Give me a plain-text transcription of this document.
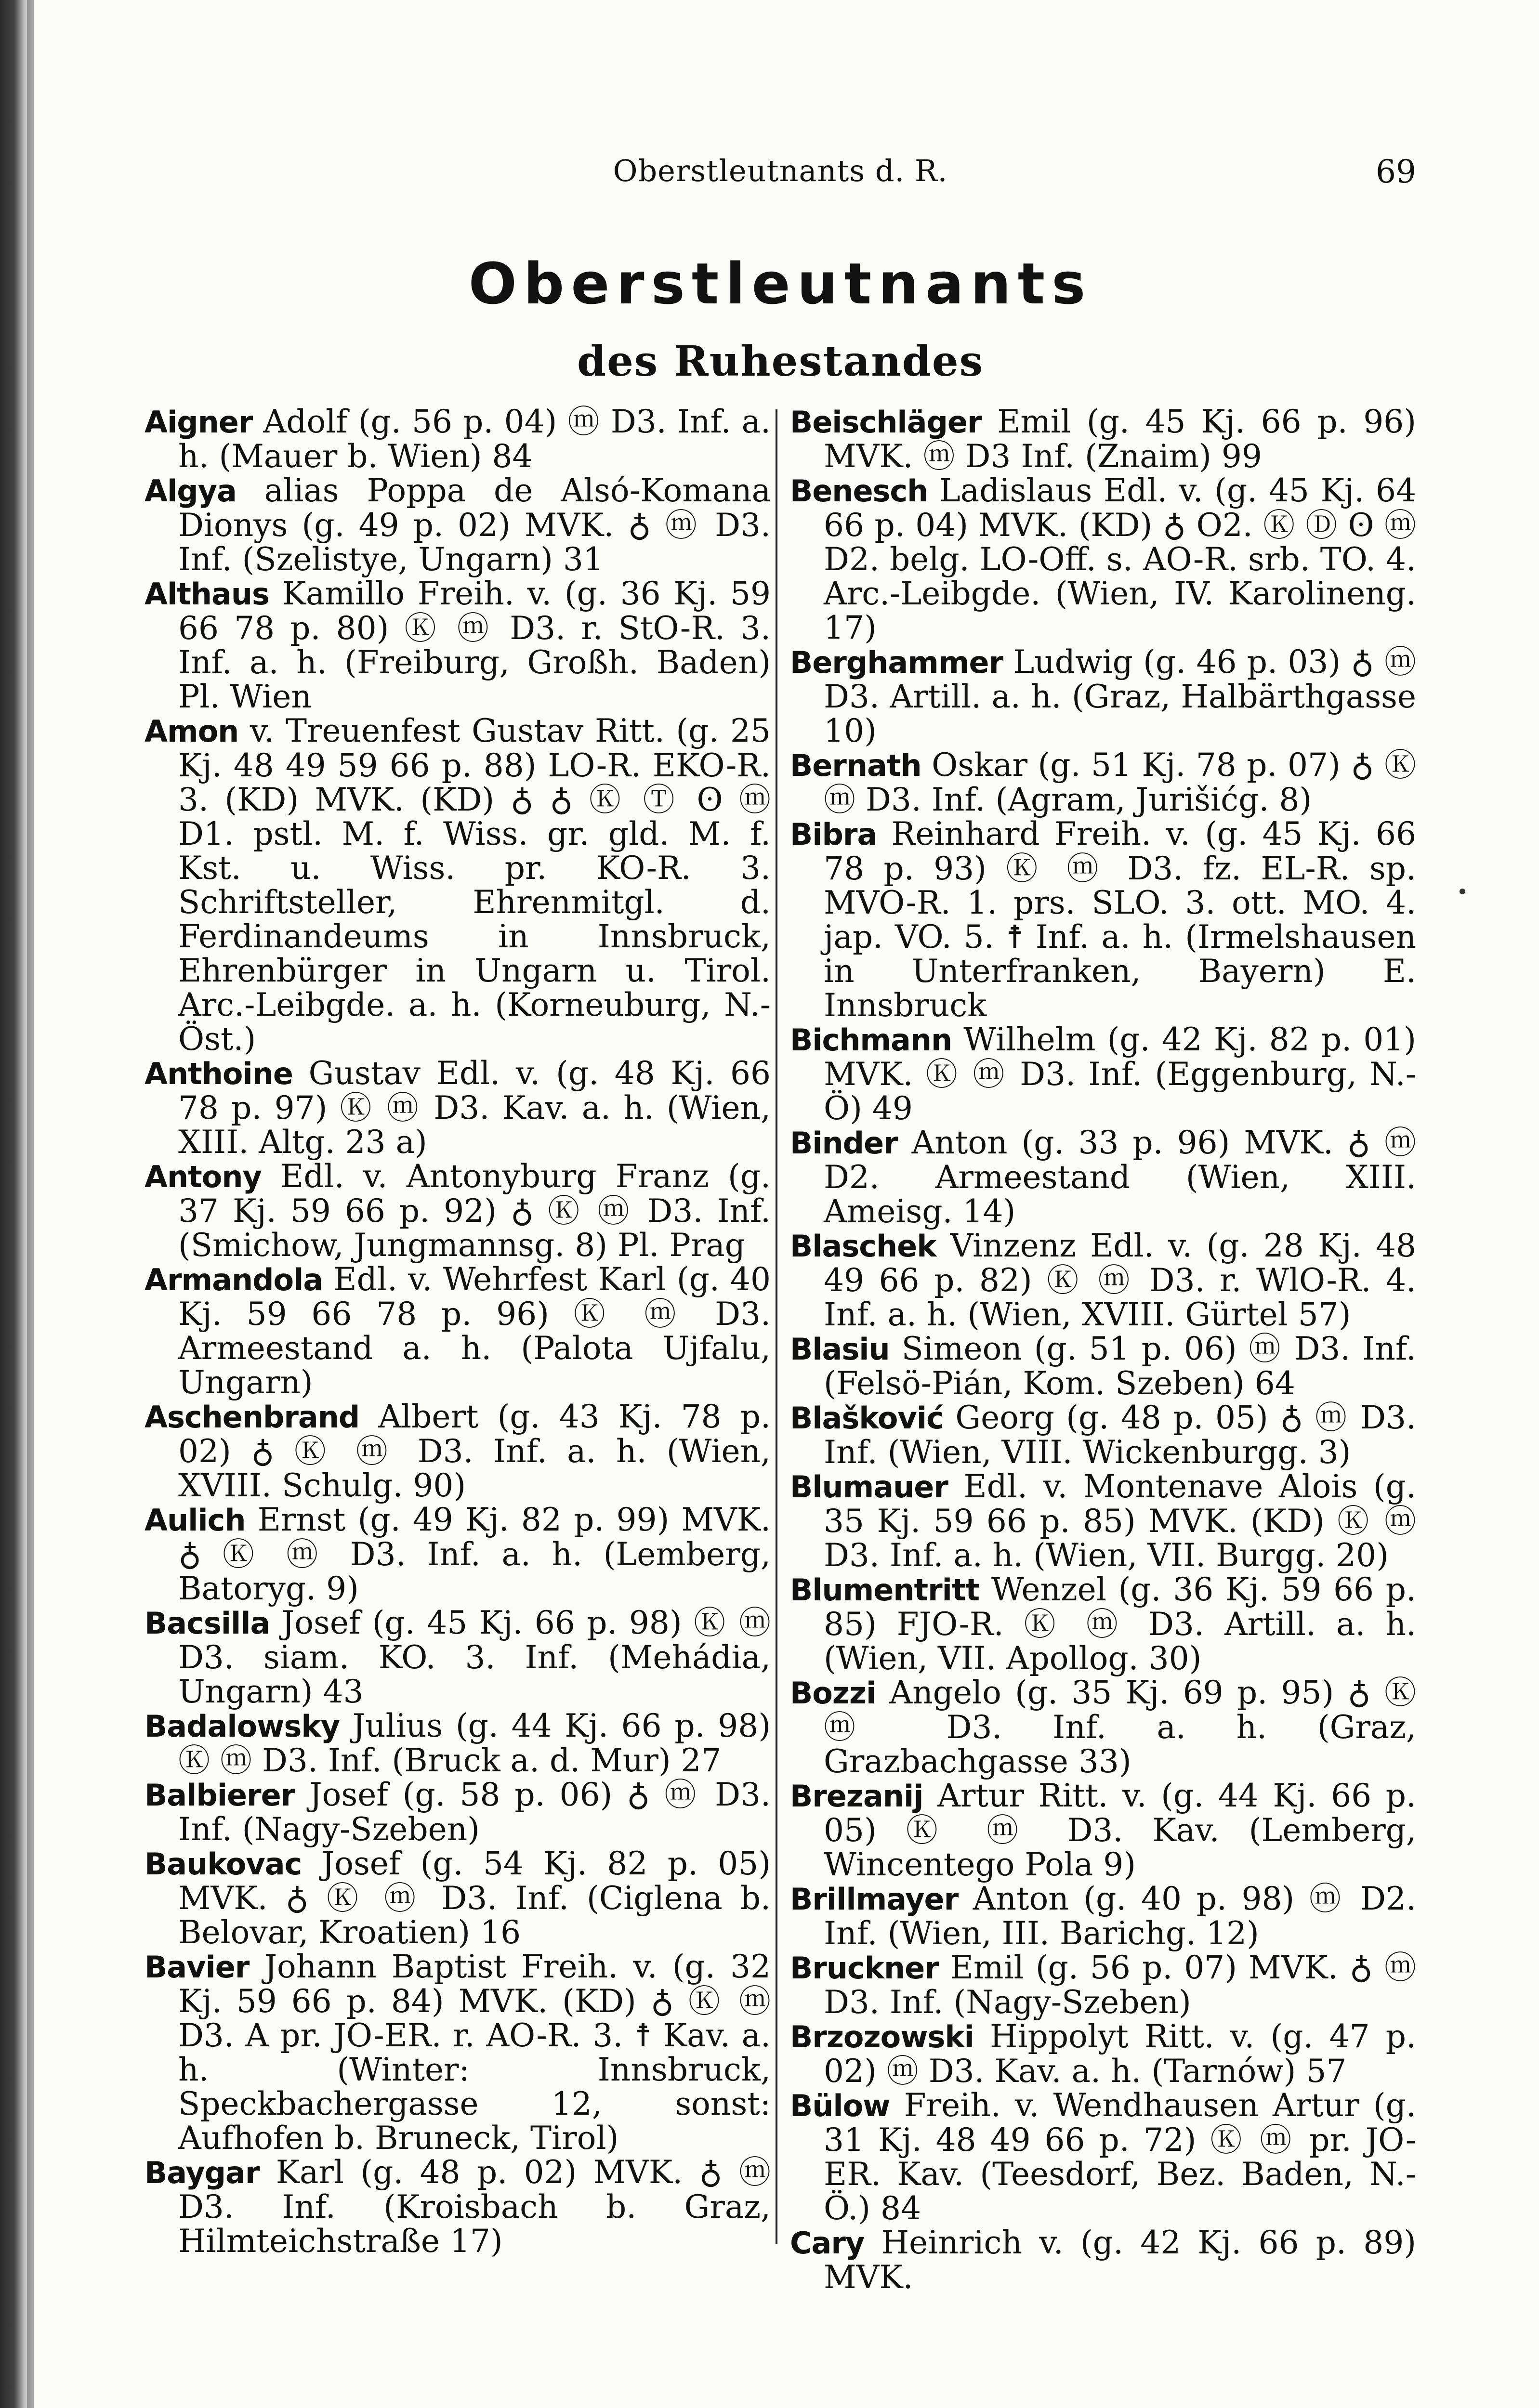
Oberstleutnants d. R.	69
Oberstleutnants
des Ruhestandes

Aigner Adolf (g. 56 p. 04) ⓜ D3. Inf. a. h. (Mauer b. Wien) 84

Algya alias Poppa de Alsó-Komana Dionys (g. 49 p. 02) MVK. ♁ ⓜ D3. Inf. (Szelistye, Ungarn) 31

Althaus Kamillo Freih. v. (g. 36 Kj. 59 66 78 p. 80) Ⓚ ⓜ D3. r. StO-R. 3. Inf. a. h. (Freiburg, Großh. Baden) Pl. Wien

Amon v. Treuenfest Gustav Ritt. (g. 25 Kj. 48 49 59 66 p. 88) LO-R. EKO-R. 3. (KD) MVK. (KD) ♁ ♁ Ⓚ Ⓣ ʘ ⓜ D1. pstl. M. f. Wiss. gr. gld. M. f. Kst. u. Wiss. pr. KO-R. 3. Schriftsteller, Ehrenmitgl. d. Ferdinandeums in Innsbruck, Ehrenbürger in Ungarn u. Tirol. Arc.-Leibgde. a. h. (Korneuburg, N.-Öst.)

Anthoine Gustav Edl. v. (g. 48 Kj. 66 78 p. 97) Ⓚ ⓜ D3. Kav. a. h. (Wien, XIII. Altg. 23 a)

Antony Edl. v. Antonyburg Franz (g. 37 Kj. 59 66 p. 92) ♁ Ⓚ ⓜ D3. Inf. (Smichow, Jungmannsg. 8) Pl. Prag

Armandola Edl. v. Wehrfest Karl (g. 40 Kj. 59 66 78 p. 96) Ⓚ ⓜ D3. Armeestand a. h. (Palota Ujfalu, Ungarn)

Aschenbrand Albert (g. 43 Kj. 78 p. 02) ♁ Ⓚ ⓜ D3. Inf. a. h. (Wien, XVIII. Schulg. 90)

Aulich Ernst (g. 49 Kj. 82 p. 99) MVK. ♁ Ⓚ ⓜ D3. Inf. a. h. (Lemberg, Batoryg. 9)

Bacsilla Josef (g. 45 Kj. 66 p. 98) Ⓚ ⓜ D3. siam. KO. 3. Inf. (Mehádia, Ungarn) 43

Badalowsky Julius (g. 44 Kj. 66 p. 98) Ⓚ ⓜ D3. Inf. (Bruck a. d. Mur) 27

Balbierer Josef (g. 58 p. 06) ♁ ⓜ D3. Inf. (Nagy-Szeben)

Baukovac Josef (g. 54 Kj. 82 p. 05) MVK. ♁ Ⓚ ⓜ D3. Inf. (Ciglena b. Belovar, Kroatien) 16

Bavier Johann Baptist Freih. v. (g. 32 Kj. 59 66 p. 84) MVK. (KD) ♁ Ⓚ ⓜ D3. A pr. JO-ER. r. AO-R. 3. ☨ Kav. a. h. (Winter: Innsbruck, Speckbachergasse 12, sonst: Aufhofen b. Bruneck, Tirol)

Baygar Karl (g. 48 p. 02) MVK. ♁ ⓜ D3. Inf. (Kroisbach b. Graz, Hilmteichstraße 17)

Beischläger Emil (g. 45 Kj. 66 p. 96) MVK. ⓜ D3 Inf. (Znaim) 99

Benesch Ladislaus Edl. v. (g. 45 Kj. 64 66 p. 04) MVK. (KD) ♁ O2. Ⓚ Ⓓ ʘ ⓜ D2. belg. LO-Off. s. AO-R. srb. TO. 4. Arc.-Leibgde. (Wien, IV. Karolineng. 17)

Berghammer Ludwig (g. 46 p. 03) ♁ ⓜ D3. Artill. a. h. (Graz, Halbärthgasse 10)

Bernath Oskar (g. 51 Kj. 78 p. 07) ♁ Ⓚ ⓜ D3. Inf. (Agram, Jurišićg. 8)

Bibra Reinhard Freih. v. (g. 45 Kj. 66 78 p. 93) Ⓚ ⓜ D3. fz. EL-R. sp. MVO-R. 1. prs. SLO. 3. ott. MO. 4. jap. VO. 5. ☨ Inf. a. h. (Irmelshausen in Unterfranken, Bayern) E. Innsbruck

Bichmann Wilhelm (g. 42 Kj. 82 p. 01) MVK. Ⓚ ⓜ D3. Inf. (Eggenburg, N.-Ö) 49

Binder Anton (g. 33 p. 96) MVK. ♁ ⓜ D2. Armeestand (Wien, XIII. Ameisg. 14)

Blaschek Vinzenz Edl. v. (g. 28 Kj. 48 49 66 p. 82) Ⓚ ⓜ D3. r. WlO-R. 4. Inf. a. h. (Wien, XVIII. Gürtel 57)

Blasiu Simeon (g. 51 p. 06) ⓜ D3. Inf. (Felsö-Pián, Kom. Szeben) 64

Blašković Georg (g. 48 p. 05) ♁ ⓜ D3. Inf. (Wien, VIII. Wickenburgg. 3)

Blumauer Edl. v. Montenave Alois (g. 35 Kj. 59 66 p. 85) MVK. (KD) Ⓚ ⓜ D3. Inf. a. h. (Wien, VII. Burgg. 20)

Blumentritt Wenzel (g. 36 Kj. 59 66 p. 85) FJO-R. Ⓚ ⓜ D3. Artill. a. h. (Wien, VII. Apollog. 30)

Bozzi Angelo (g. 35 Kj. 69 p. 95) ♁ Ⓚ ⓜ D3. Inf. a. h. (Graz, Grazbachgasse 33)

Brezanij Artur Ritt. v. (g. 44 Kj. 66 p. 05) Ⓚ ⓜ D3. Kav. (Lemberg, Wincentego Pola 9)

Brillmayer Anton (g. 40 p. 98) ⓜ D2. Inf. (Wien, III. Barichg. 12)

Bruckner Emil (g. 56 p. 07) MVK. ♁ ⓜ D3. Inf. (Nagy-Szeben)

Brzozowski Hippolyt Ritt. v. (g. 47 p. 02) ⓜ D3. Kav. a. h. (Tarnów) 57

Bülow Freih. v. Wendhausen Artur (g. 31 Kj. 48 49 66 p. 72) Ⓚ ⓜ pr. JO-ER. Kav. (Teesdorf, Bez. Baden, N.-Ö.) 84

Cary Heinrich v. (g. 42 Kj. 66 p. 89) MVK.
